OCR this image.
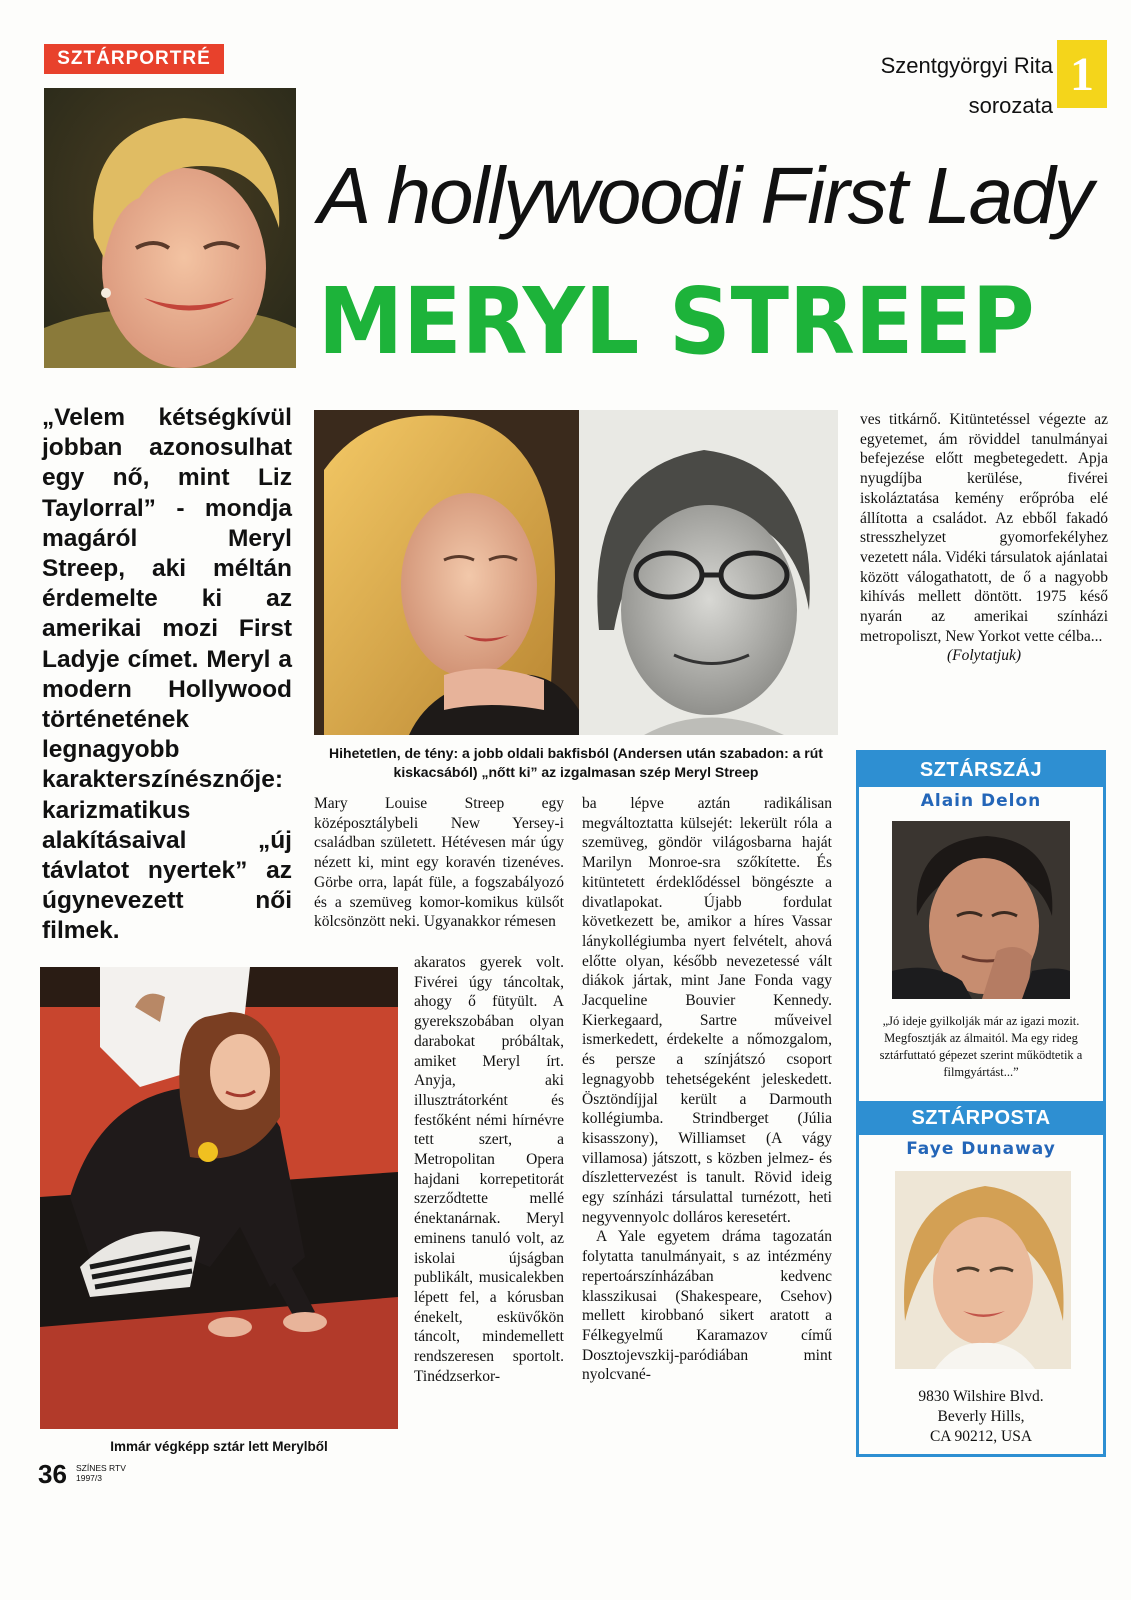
SZTÁRPORTRÉ	Szentgyörgyi Rita
sorozata
1
A hollywoodi First Lady
MERYL STREEP
„Velem kétségkívül jobban azonosulhat egy nő, mint Liz Taylorral” - mondja magáról Meryl Streep, aki méltán érdemelte ki az amerikai mozi First Ladyje címet. Meryl a modern Hollywood történetének legnagyobb karakterszínésznője: karizmatikus alakításaival „új távlatot nyertek” az úgynevezett női filmek.
Hihetetlen, de tény: a jobb oldali bakfisból (Andersen után szabadon: a rút kiskacsából) „nőtt ki” az izgalmasan szép Meryl Streep
Immár végképp sztár lett Merylből
Mary Louise Streep egy középosztálybeli New Yersey-i családban született. Hétévesen már úgy nézett ki, mint egy koravén tizenéves. Görbe orra, lapát füle, a fogszabályozó és a szemüveg komor-komikus külsőt kölcsönzött neki. Ugyanakkor rémesen
akaratos gyerek volt. Fivérei úgy táncoltak, ahogy ő fütyült. A gyerekszobában olyan darabokat próbáltak, amiket Meryl írt. Anyja, aki illusztrátorként és festőként némi hírnévre tett szert, a Metropolitan Opera hajdani korrepetitorát szerződtette mellé énektanárnak. Meryl eminens tanuló volt, az iskolai újságban publikált, musicalekben lépett fel, a kórusban énekelt, esküvőkön táncolt, mindemellett rendszeresen sportolt. Tinédzserkor-
ba lépve aztán radikálisan megváltoztatta külsejét: lekerült róla a szemüveg, göndör világosbarna haját Marilyn Monroe-sra szőkítette. És kitüntetett érdeklődéssel böngészte a divatlapokat. Újabb fordulat következett be, amikor a híres Vassar lánykollégiumba nyert felvételt, ahová előtte olyan, később nevezetessé vált diákok jártak, mint Jane Fonda vagy Jacqueline Bouvier Kennedy. Kierkegaard, Sartre műveivel ismerkedett, érdekelte a nőmozgalom, és persze a színjátszó csoport legnagyobb tehetségeként jeleskedett. Ösztöndíjjal került a Darmouth kollégiumba. Strindberget (Júlia kisasszony), Williamset (A vágy villamosa) játszott, s közben jelmez- és díszlettervezést is tanult. Rövid ideig egy színházi társulattal turnézott, heti negyvennyolc dolláros keresetért.
A Yale egyetem dráma tagozatán folytatta tanulmányait, s az intézmény repertoárszínházában kedvenc klasszikusai (Shakespeare, Csehov) mellett kirobbanó sikert aratott a Félkegyelmű Karamazov című Dosztojevszkij-paródiában mint nyolcvané-
ves titkárnő. Kitüntetéssel végezte az egyetemet, ám röviddel tanulmányai befejezése előtt megbetegedett. Apja nyugdíjba kerülése, fivérei iskoláztatása kemény erőpróba elé állította a családot. Az ebből fakadó stresszhelyzet gyomorfekélyhez vezetett nála. Vidéki társulatok ajánlatai között válogathatott, de ő a nagyobb kihívás mellett döntött. 1975 késő nyarán az amerikai színházi metropoliszt, New Yorkot vette célba...
(Folytatjuk)
SZTÁRSZÁJ
Alain Delon
„Jó ideje gyilkolják már az igazi mozit. Megfosztják az álmaitól. Ma egy rideg sztárfuttató gépezet szerint működtetik a filmgyártást...”
SZTÁRPOSTA
Faye Dunaway
9830 Wilshire Blvd.
Beverly Hills,
CA 90212, USA
36 SZÍNES RTV
1997/3
